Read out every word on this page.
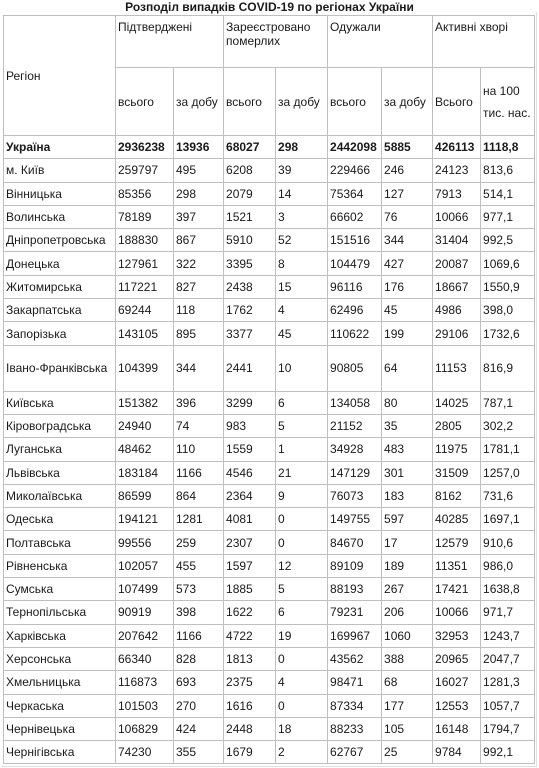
Розподіл випадків COVID-19 по регіонах України
Регіон	Підтверджені		Зареєстровано померлих		Одужали		Активні хворі	
	всього	за добу	всього	за добу	всього	за добу	Всього	на 100 тис. нас.
Україна	2936238	13936	68027	298	2442098	5885	426113	1118,8
м. Київ	259797	495	6208	39	229466	246	24123	813,6
Вінницька	85356	298	2079	14	75364	127	7913	514,1
Волинська	78189	397	1521	3	66602	76	10066	977,1
Дніпропетровська	188830	867	5910	52	151516	344	31404	992,5
Донецька	127961	322	3395	8	104479	427	20087	1069,6
Житомирська	117221	827	2438	15	96116	176	18667	1550,9
Закарпатська	69244	118	1762	4	62496	45	4986	398,0
Запорізька	143105	895	3377	45	110622	199	29106	1732,6
Івано-Франківська	104399	344	2441	10	90805	64	11153	816,9
Київська	151382	396	3299	6	134058	80	14025	787,1
Кіровоградська	24940	74	983	5	21152	35	2805	302,2
Луганська	48462	110	1559	1	34928	483	11975	1781,1
Львівська	183184	1166	4546	21	147129	301	31509	1257,0
Миколаївська	86599	864	2364	9	76073	183	8162	731,6
Одеська	194121	1281	4081	0	149755	597	40285	1697,1
Полтавська	99556	259	2307	0	84670	17	12579	910,6
Рівненська	102057	455	1597	12	89109	189	11351	986,0
Сумська	107499	573	1885	5	88193	267	17421	1638,8
Тернопільська	90919	398	1622	6	79231	206	10066	971,7
Харківська	207642	1166	4722	19	169967	1060	32953	1243,7
Херсонська	66340	828	1813	0	43562	388	20965	2047,7
Хмельницька	116873	693	2375	4	98471	68	16027	1281,3
Черкаська	101503	270	1616	0	87334	177	12553	1057,7
Чернівецька	106829	424	2448	18	88233	105	16148	1794,7
Чернігівська	74230	355	1679	2	62767	25	9784	992,1
